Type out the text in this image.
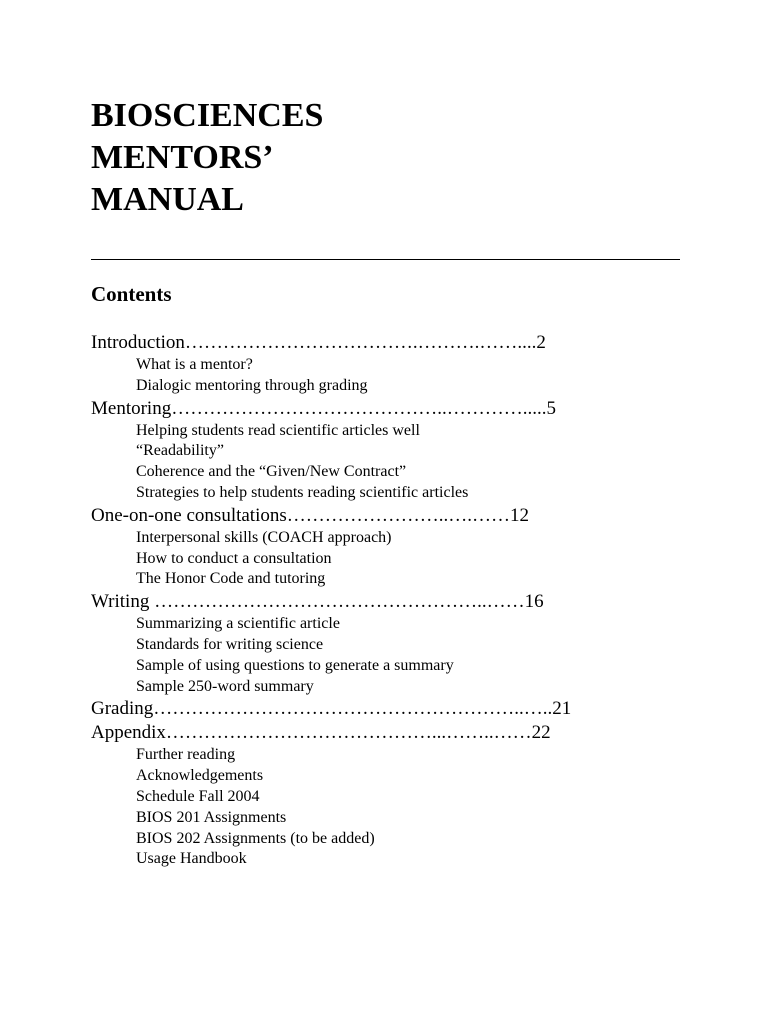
BIOSCIENCES
MENTORS’
MANUAL
Contents
Introduction……………………………….……….……....2
What is a mentor?
Dialogic mentoring through grading
Mentoring……………………………………..………….....5
Helping students read scientific articles well
“Readability”
Coherence and the “Given/New Contract”
Strategies to help students reading scientific articles
One-on-one consultations……………………..….……12
Interpersonal skills (COACH approach)
How to conduct a consultation
The Honor Code and tutoring
Writing ……………………………………………..……16
Summarizing a scientific article
Standards for writing science
Sample of using questions to generate a summary
Sample 250-word summary
Grading…………………………………………………..…..21
Appendix……………………………………...……..……22
Further reading
Acknowledgements
Schedule Fall 2004
BIOS 201 Assignments
BIOS 202 Assignments (to be added)
Usage Handbook
